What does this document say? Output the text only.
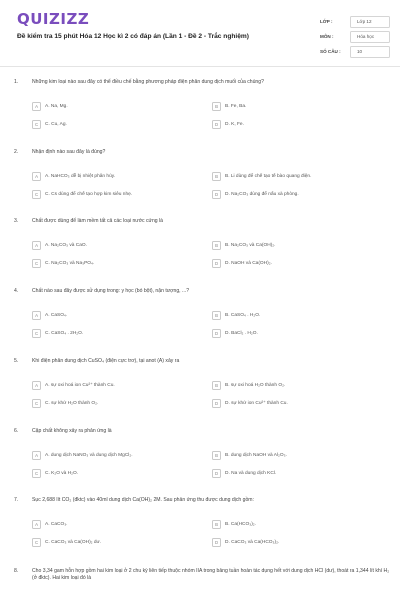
QUIZIZZ
Đề kiểm tra 15 phút Hóa 12 Học kì 2 có đáp án (Lần 1 - Đề 2 - Trắc nghiệm)
LỚP :	Lớp 12
MÔN :	Hóa học
SỐ CÂU :	10
1.	Những kim loại nào sau đây có thể điều chế bằng phương pháp điện phân dung dịch muối của chúng?
A	A. Na, Mg.	B	B. Fe, Ba.
C	C. Cu, Ag.	D	D. K, Fe.
2.	Nhận định nào sau đây là đúng?
A	A. NaHCO₃ dễ bị nhiệt phân hủy.	B	B. Li dùng để chế tạo tế bào quang điện.
C	C. Cs dùng để chế tạo hợp kim siêu nhẹ.	D	D. Na₂CO₃ dùng để nấu xà phòng.
3.	Chất được dùng để làm mềm tất cả các loại nước cứng là
A	A. Na₂CO₃ và CaO.	B	B. Na₂CO₃ và Ca(OH)₂.
C	C. Na₂CO₃ và Na₃PO₄.	D	D. NaOH và Ca(OH)₂.
4.	Chất nào sau đây được sử dụng trong: y học (bó bột), nặn tượng, ...?
A	A. CaSO₄.	B	B. CaSO₄ . H₂O.
C	C. CaSO₄ . 2H₂O.	D	D. BaCl₂ . H₂O.
5.	Khi điện phân dung dịch CuSO₄ (điện cực trơ), tại anot (A) xảy ra
A	A. sự oxi hoá ion Cu²⁺ thành Cu.	B	B. sự oxi hoá H₂O thành O₂.
C	C. sự khử H₂O thành O₂.	D	D. sự khử ion Cu²⁺ thành Cu.
6.	Cặp chất không xảy ra phản ứng là
A	A. dung dịch NaNO₃ và dung dịch MgCl₂.	B	B. dung dịch NaOH và Al₂O₃.
C	C. K₂O và H₂O.	D	D. Na và dung dịch KCl.
7.	Sục 2,688 lít CO₂ (đktc) vào 40ml dung dịch Ca(OH)₂ 2M. Sau phản ứng thu được dung dịch gồm:
A	A. CaCO₃.	B	B. Ca(HCO₃)₂.
C	C. CaCO₃ và Ca(OH)₂ dư.	D	D. CaCO₃ và Ca(HCO₃)₂.
8.	Cho 3,34 gam hỗn hợp gồm hai kim loại ở 2 chu kỳ liên tiếp thuộc nhóm IIA trong bảng tuần hoàn tác dụng hết với dung dịch HCl (dư), thoát ra 1,344 lít khí H₂ (ở đktc). Hai kim loại đó là
